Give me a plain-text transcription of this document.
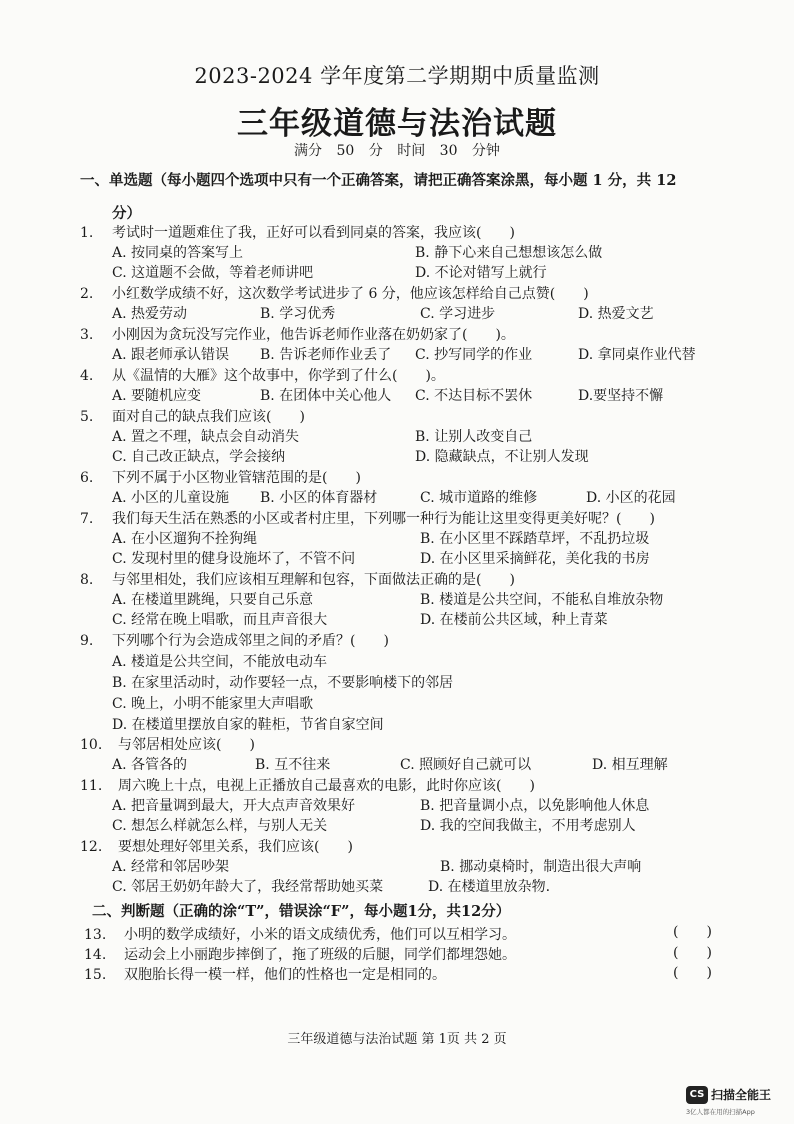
2023-2024 学年度第二学期期中质量监测
三年级道德与法治试题
满分 50 分 时间 30 分钟
一、单选题（每小题四个选项中只有一个正确答案，请把正确答案涂黑，每小题 1 分，共 12
分）
1. 考试时一道题难住了我，正好可以看到同桌的答案，我应该(　　)
A. 按同桌的答案写上	B. 静下心来自己想想该怎么做
C. 这道题不会做，等着老师讲吧	D. 不论对错写上就行
2. 小红数学成绩不好，这次数学考试进步了 6 分，他应该怎样给自己点赞(　　)
A. 热爱劳动	B. 学习优秀	C. 学习进步	D. 热爱文艺
3. 小刚因为贪玩没写完作业，他告诉老师作业落在奶奶家了(　　)。
A. 跟老师承认错误 B. 告诉老师作业丢了 C. 抄写同学的作业	D. 拿同桌作业代替
4. 从《温情的大雁》这个故事中，你学到了什么(　　)。
A. 要随机应变	B. 在团体中关心他人 C. 不达目标不罢休	D.要坚持不懈
5. 面对自己的缺点我们应该(　　)
A. 置之不理，缺点会自动消失	B. 让别人改变自己
C. 自己改正缺点，学会接纳	D. 隐藏缺点，不让别人发现
6. 下列不属于小区物业管辖范围的是(　　)
A. 小区的儿童设施 B. 小区的体育器材	C. 城市道路的维修	D. 小区的花园
7. 我们每天生活在熟悉的小区或者村庄里，下列哪一种行为能让这里变得更美好呢？(　　)
A. 在小区遛狗不拴狗绳	B. 在小区里不踩踏草坪，不乱扔垃圾
C. 发现村里的健身设施坏了，不管不问	D. 在小区里采摘鲜花，美化我的书房
8. 与邻里相处，我们应该相互理解和包容，下面做法正确的是(　　)
A. 在楼道里跳绳，只要自己乐意	B. 楼道是公共空间，不能私自堆放杂物
C. 经常在晚上唱歌，而且声音很大	D. 在楼前公共区域，种上青菜
9. 下列哪个行为会造成邻里之间的矛盾？(　　)
A. 楼道是公共空间，不能放电动车
B. 在家里活动时，动作要轻一点，不要影响楼下的邻居
C. 晚上，小明不能家里大声唱歌
D. 在楼道里摆放自家的鞋柜，节省自家空间
10. 与邻居相处应该(　　)
A. 各管各的	B. 互不往来	C. 照顾好自己就可以	D. 相互理解
11. 周六晚上十点，电视上正播放自己最喜欢的电影，此时你应该(　　)
A. 把音量调到最大，开大点声音效果好	B. 把音量调小点，以免影响他人休息
C. 想怎么样就怎么样，与别人无关	D. 我的空间我做主，不用考虑别人
12. 要想处理好邻里关系，我们应该(　　)
A. 经常和邻居吵架	B. 挪动桌椅时，制造出很大声响
C. 邻居王奶奶年龄大了，我经常帮助她买菜	D. 在楼道里放杂物.
二、判断题（正确的涂“T”，错误涂“F”，每小题1分，共12分）
13. 小明的数学成绩好，小米的语文成绩优秀，他们可以互相学习。	(　　)
14. 运动会上小丽跑步摔倒了，拖了班级的后腿，同学们都埋怨她。	(　　)
15. 双胞胎长得一模一样，他们的性格也一定是相同的。	(　　)
三年级道德与法治试题 第 1页 共 2 页
CS 扫描全能王
3亿人都在用的扫描App
